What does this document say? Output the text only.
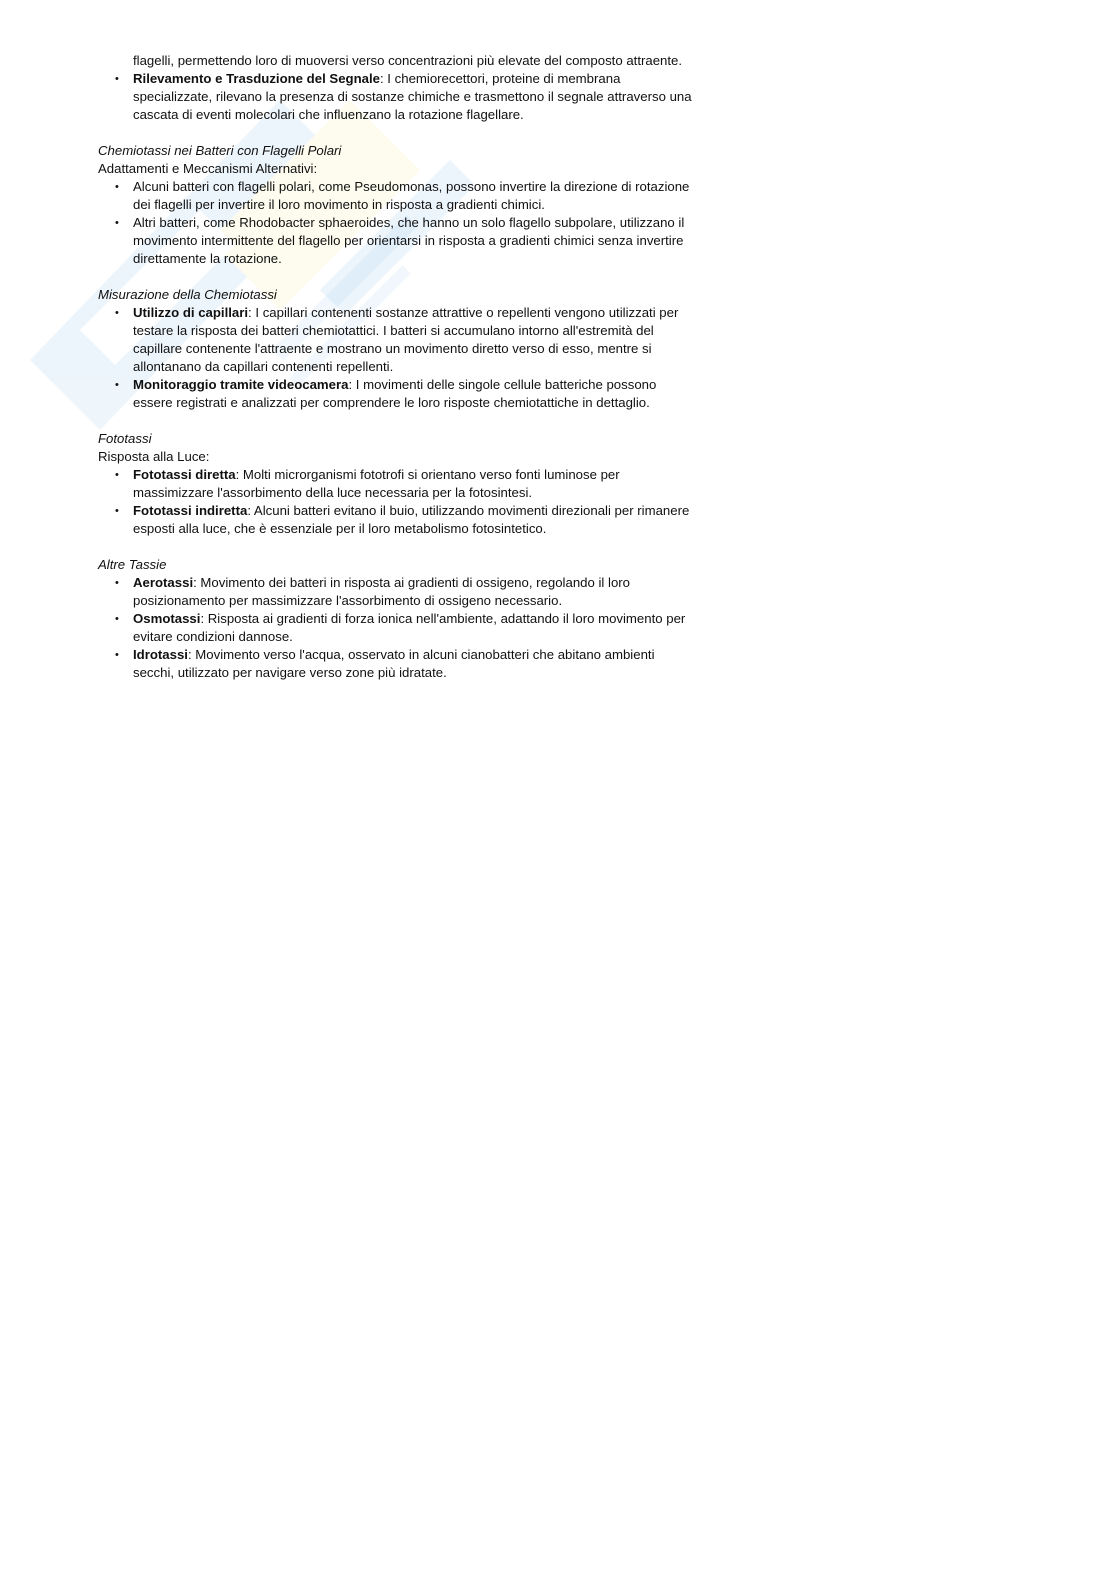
flagelli, permettendo loro di muoversi verso concentrazioni più elevate del composto attraente.

• Rilevamento e Trasduzione del Segnale: I chemiorecettori, proteine di membrana specializzate, rilevano la presenza di sostanze chimiche e trasmettono il segnale attraverso una cascata di eventi molecolari che influenzano la rotazione flagellare.

Chemiotassi nei Batteri con Flagelli Polari

Adattamenti e Meccanismi Alternativi:

• Alcuni batteri con flagelli polari, come Pseudomonas, possono invertire la direzione di rotazione dei flagelli per invertire il loro movimento in risposta a gradienti chimici.
• Altri batteri, come Rhodobacter sphaeroides, che hanno un solo flagello subpolare, utilizzano il movimento intermittente del flagello per orientarsi in risposta a gradienti chimici senza invertire direttamente la rotazione.

Misurazione della Chemiotassi

• Utilizzo di capillari: I capillari contenenti sostanze attrattive o repellenti vengono utilizzati per testare la risposta dei batteri chemiotattici. I batteri si accumulano intorno all'estremità del capillare contenente l'attraente e mostrano un movimento diretto verso di esso, mentre si allontanano da capillari contenenti repellenti.
• Monitoraggio tramite videocamera: I movimenti delle singole cellule batteriche possono essere registrati e analizzati per comprendere le loro risposte chemiotattiche in dettaglio.

Fototassi

Risposta alla Luce:

• Fototassi diretta: Molti microrganismi fototrofi si orientano verso fonti luminose per massimizzare l'assorbimento della luce necessaria per la fotosintesi.
• Fototassi indiretta: Alcuni batteri evitano il buio, utilizzando movimenti direzionali per rimanere esposti alla luce, che è essenziale per il loro metabolismo fotosintetico.

Altre Tassie

• Aerotassi: Movimento dei batteri in risposta ai gradienti di ossigeno, regolando il loro posizionamento per massimizzare l'assorbimento di ossigeno necessario.
• Osmotassi: Risposta ai gradienti di forza ionica nell'ambiente, adattando il loro movimento per evitare condizioni dannose.
• Idrotassi: Movimento verso l'acqua, osservato in alcuni cianobatteri che abitano ambienti secchi, utilizzato per navigare verso zone più idratate.
